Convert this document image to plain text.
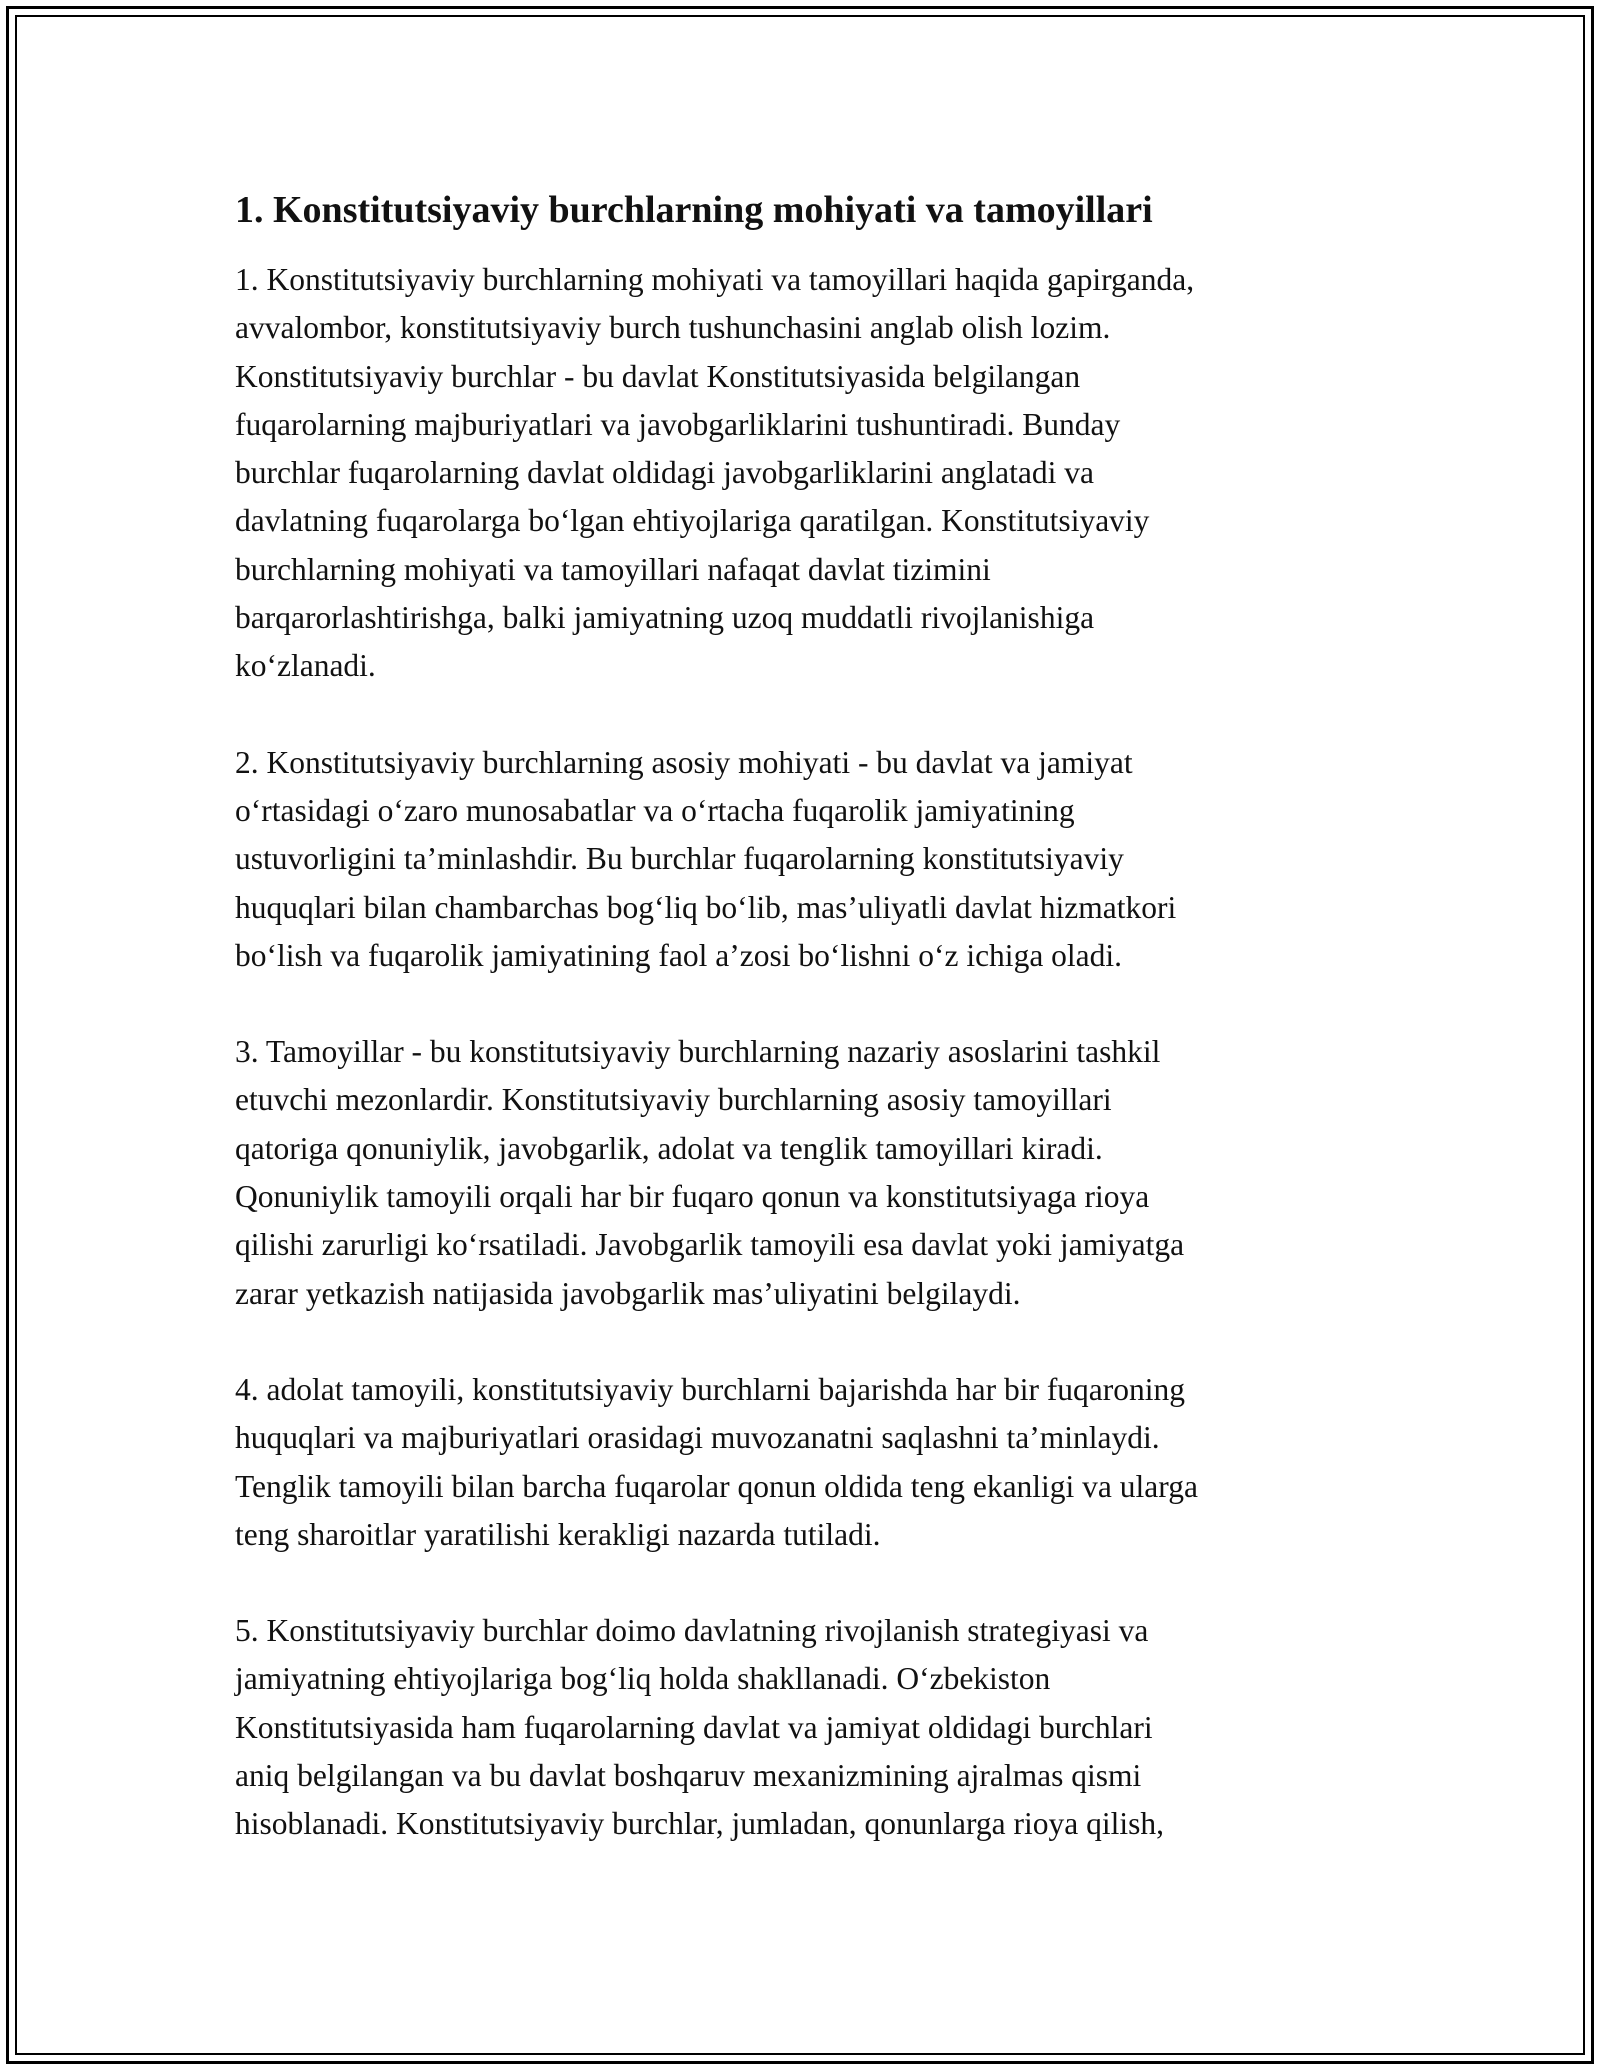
1. Konstitutsiyaviy burchlarning mohiyati va tamoyillari
1. Konstitutsiyaviy burchlarning mohiyati va tamoyillari haqida gapirganda,
avvalombor, konstitutsiyaviy burch tushunchasini anglab olish lozim.
Konstitutsiyaviy burchlar - bu davlat Konstitutsiyasida belgilangan
fuqarolarning majburiyatlari va javobgarliklarini tushuntiradi. Bunday
burchlar fuqarolarning davlat oldidagi javobgarliklarini anglatadi va
davlatning fuqarolarga boʻlgan ehtiyojlariga qaratilgan. Konstitutsiyaviy
burchlarning mohiyati va tamoyillari nafaqat davlat tizimini
barqarorlashtirishga, balki jamiyatning uzoq muddatli rivojlanishiga
koʻzlanadi.
2. Konstitutsiyaviy burchlarning asosiy mohiyati - bu davlat va jamiyat
oʻrtasidagi oʻzaro munosabatlar va oʻrtacha fuqarolik jamiyatining
ustuvorligini taʼminlashdir. Bu burchlar fuqarolarning konstitutsiyaviy
huquqlari bilan chambarchas bogʻliq boʻlib, masʼuliyatli davlat hizmatkori
boʻlish va fuqarolik jamiyatining faol aʼzosi boʻlishni oʻz ichiga oladi.
3. Tamoyillar - bu konstitutsiyaviy burchlarning nazariy asoslarini tashkil
etuvchi mezonlardir. Konstitutsiyaviy burchlarning asosiy tamoyillari
qatoriga qonuniylik, javobgarlik, adolat va tenglik tamoyillari kiradi.
Qonuniylik tamoyili orqali har bir fuqaro qonun va konstitutsiyaga rioya
qilishi zarurligi koʻrsatiladi. Javobgarlik tamoyili esa davlat yoki jamiyatga
zarar yetkazish natijasida javobgarlik masʼuliyatini belgilaydi.
4. adolat tamoyili, konstitutsiyaviy burchlarni bajarishda har bir fuqaroning
huquqlari va majburiyatlari orasidagi muvozanatni saqlashni taʼminlaydi.
Tenglik tamoyili bilan barcha fuqarolar qonun oldida teng ekanligi va ularga
teng sharoitlar yaratilishi kerakligi nazarda tutiladi.
5. Konstitutsiyaviy burchlar doimo davlatning rivojlanish strategiyasi va
jamiyatning ehtiyojlariga bogʻliq holda shakllanadi. Oʻzbekiston
Konstitutsiyasida ham fuqarolarning davlat va jamiyat oldidagi burchlari
aniq belgilangan va bu davlat boshqaruv mexanizmining ajralmas qismi
hisoblanadi. Konstitutsiyaviy burchlar, jumladan, qonunlarga rioya qilish,
